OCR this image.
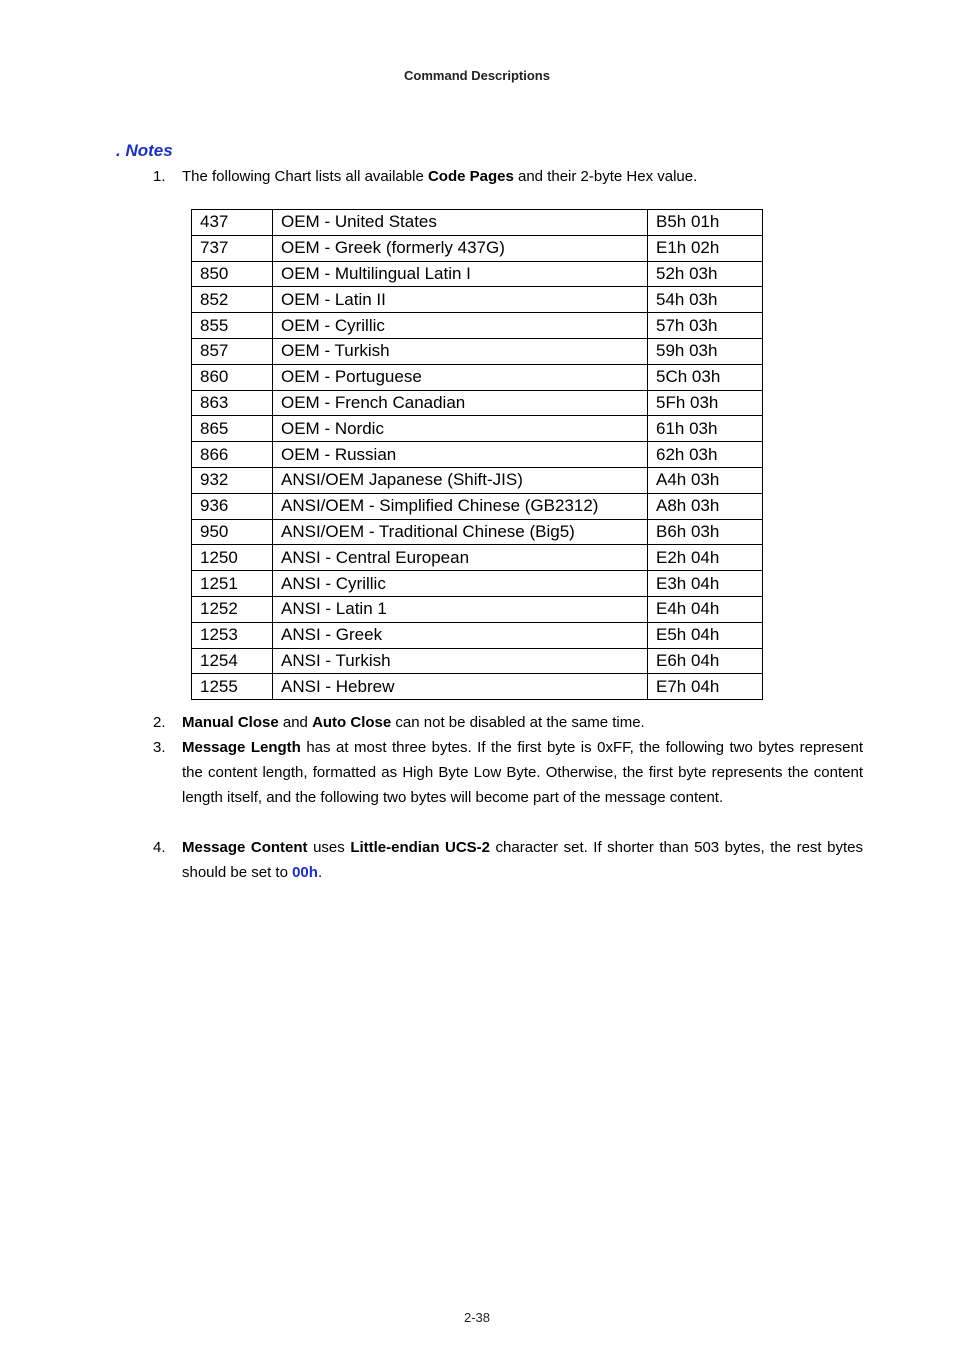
Command Descriptions
. Notes
1. The following Chart lists all available Code Pages and their 2-byte Hex value.
437	OEM - United States	B5h 01h
737	OEM - Greek (formerly 437G)	E1h 02h
850	OEM - Multilingual Latin I	52h 03h
852	OEM - Latin II	54h 03h
855	OEM - Cyrillic	57h 03h
857	OEM - Turkish	59h 03h
860	OEM - Portuguese	5Ch 03h
863	OEM - French Canadian	5Fh 03h
865	OEM - Nordic	61h 03h
866	OEM - Russian	62h 03h
932	ANSI/OEM Japanese (Shift-JIS)	A4h 03h
936	ANSI/OEM - Simplified Chinese (GB2312)	A8h 03h
950	ANSI/OEM - Traditional Chinese (Big5)	B6h 03h
1250	ANSI - Central European	E2h 04h
1251	ANSI - Cyrillic	E3h 04h
1252	ANSI - Latin 1	E4h 04h
1253	ANSI - Greek	E5h 04h
1254	ANSI - Turkish	E6h 04h
1255	ANSI - Hebrew	E7h 04h
2. Manual Close and Auto Close can not be disabled at the same time.
3. Message Length has at most three bytes. If the first byte is 0xFF, the following two bytes represent the content length, formatted as High Byte Low Byte. Otherwise, the first byte represents the content length itself, and the following two bytes will become part of the message content.
4. Message Content uses Little-endian UCS-2 character set. If shorter than 503 bytes, the rest bytes should be set to 00h.
2-38
